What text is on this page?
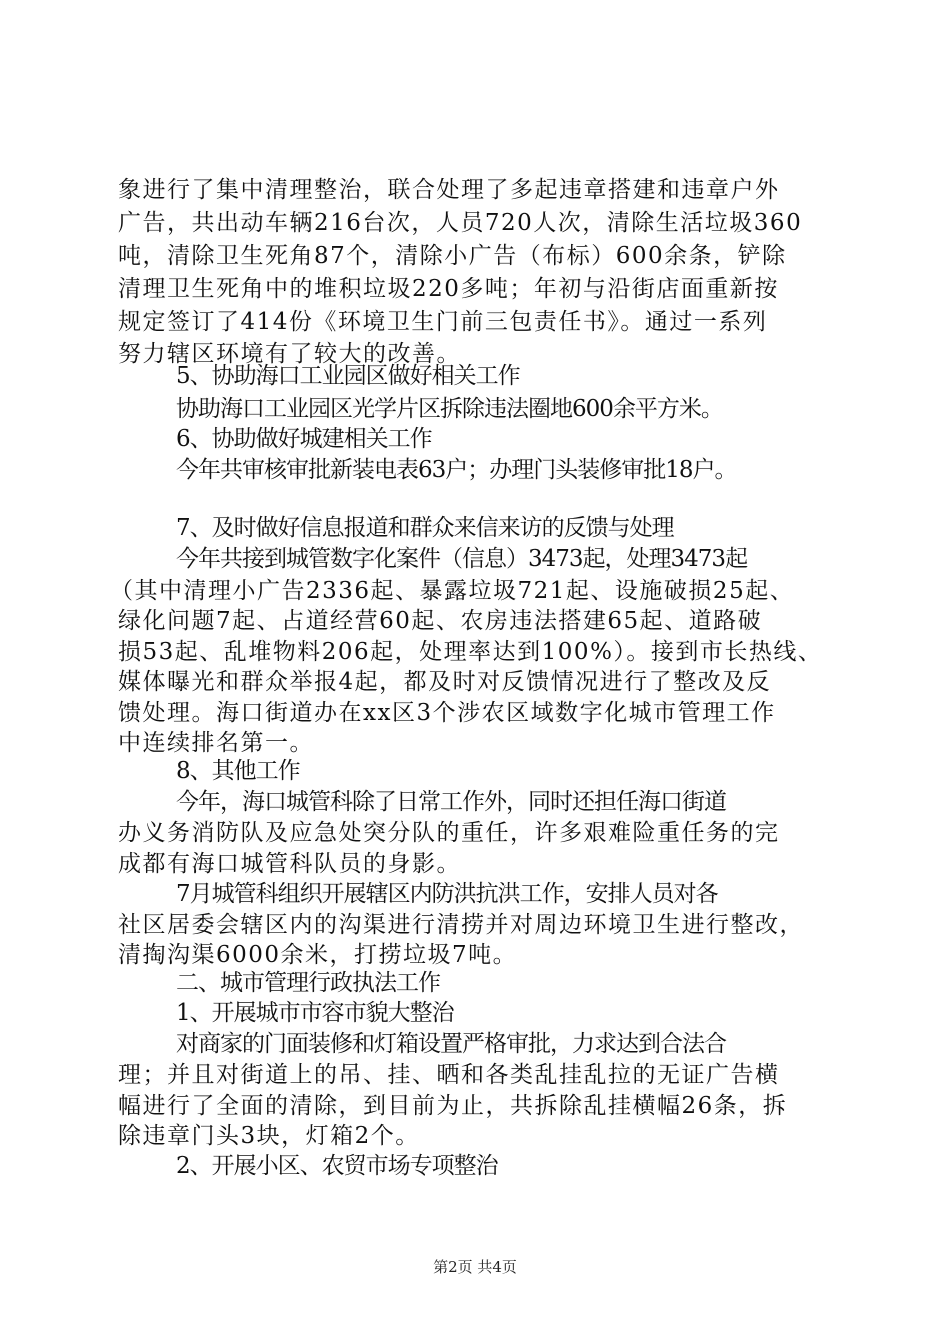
象进行了集中清理整治，联合处理了多起违章搭建和违章户外
广告，共出动车辆216台次，人员720人次，清除生活垃圾360
吨，清除卫生死角87个，清除小广告（布标）600余条，铲除
清理卫生死角中的堆积垃圾220多吨；年初与沿街店面重新按
规定签订了414份《环境卫生门前三包责任书》。通过一系列
努力辖区环境有了较大的改善。
5、协助海口工业园区做好相关工作
协助海口工业园区光学片区拆除违法圈地600余平方米。
6、协助做好城建相关工作
今年共审核审批新装电表63户；办理门头装修审批18户。
7、及时做好信息报道和群众来信来访的反馈与处理
今年共接到城管数字化案件（信息）3473起，处理3473起
（其中清理小广告2336起、暴露垃圾721起、设施破损25起、
绿化问题7起、占道经营60起、农房违法搭建65起、道路破
损53起、乱堆物料206起，处理率达到100%）。接到市长热线、
媒体曝光和群众举报4起，都及时对反馈情况进行了整改及反
馈处理。海口街道办在xx区3个涉农区域数字化城市管理工作
中连续排名第一。
8、其他工作
今年，海口城管科除了日常工作外，同时还担任海口街道
办义务消防队及应急处突分队的重任，许多艰难险重任务的完
成都有海口城管科队员的身影。
7月城管科组织开展辖区内防洪抗洪工作，安排人员对各
社区居委会辖区内的沟渠进行清捞并对周边环境卫生进行整改，
清掏沟渠6000余米，打捞垃圾7吨。
二、城市管理行政执法工作
1、开展城市市容市貌大整治
对商家的门面装修和灯箱设置严格审批，力求达到合法合
理；并且对街道上的吊、挂、晒和各类乱挂乱拉的无证广告横
幅进行了全面的清除，到目前为止，共拆除乱挂横幅26条，拆
除违章门头3块，灯箱2个。
2、开展小区、农贸市场专项整治
第2页 共4页
